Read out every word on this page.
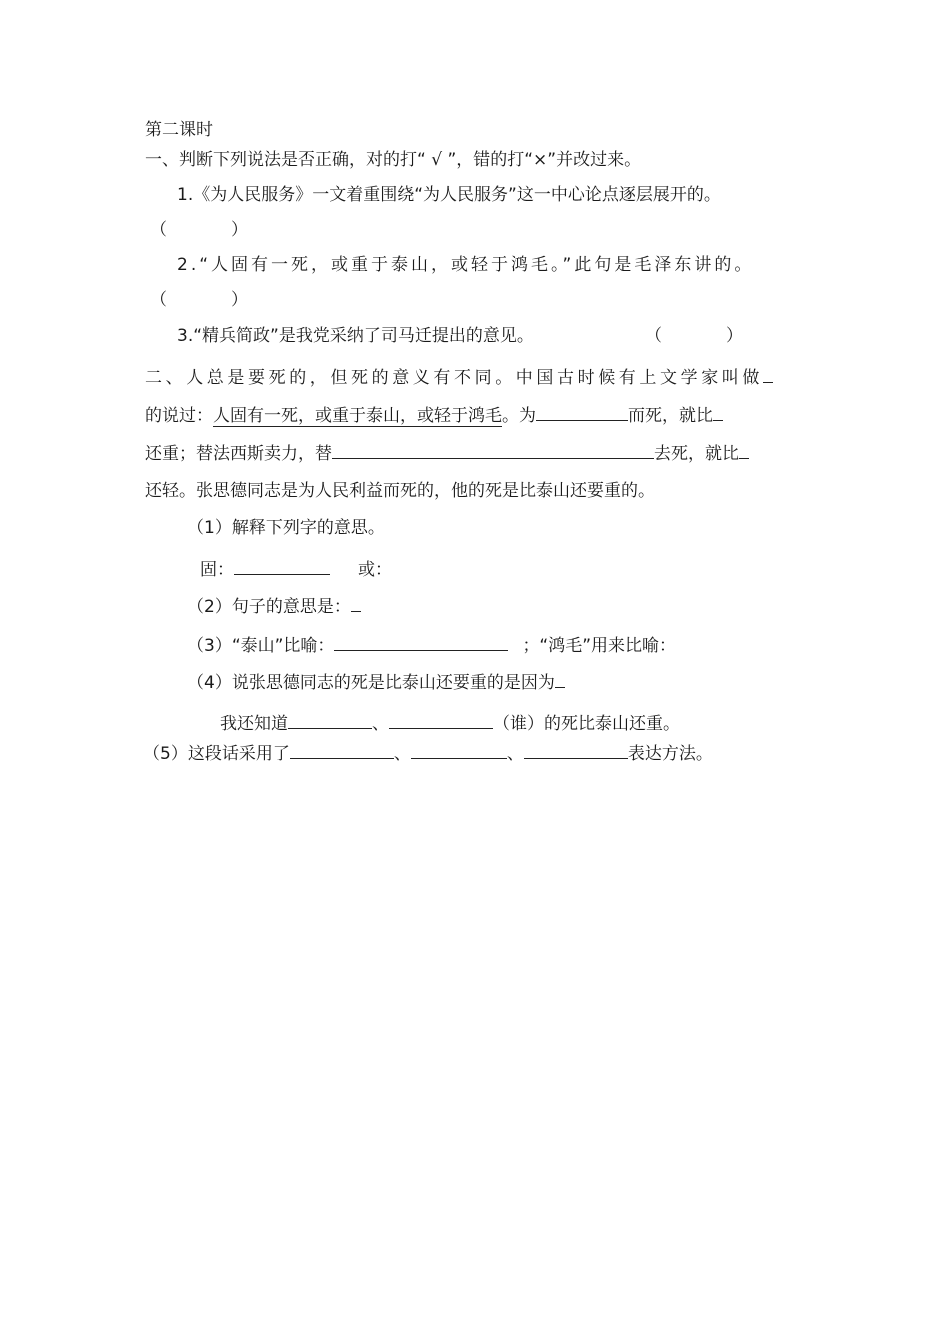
第二课时
一、判断下列说法是否正确，对的打“ √ ”，错的打“×”并改过来。
1.《为人民服务》一文着重围绕“为人民服务”这一中心论点逐层展开的。
（	）
2.“人固有一死，或重于泰山，或轻于鸿毛。”此句是毛泽东讲的。
（	）
3.“精兵简政”是我党采纳了司马迁提出的意见。	（	）
二、人总是要死的，但死的意义有不同。中国古时候有上文学家叫做
的说过：人固有一死，或重于泰山，或轻于鸿毛。为	而死，就比
还重；替法西斯卖力，替	去死，就比
还轻。张思德同志是为人民利益而死的，他的死是比泰山还要重的。
（1）解释下列字的意思。
固：	或：
（2）句子的意思是：
（3）“泰山”比喻：	；“鸿毛”用来比喻：
（4）说张思德同志的死是比泰山还要重的是因为
我还知道	、	（谁）的死比泰山还重。
（5）这段话采用了	、	、	表达方法。
